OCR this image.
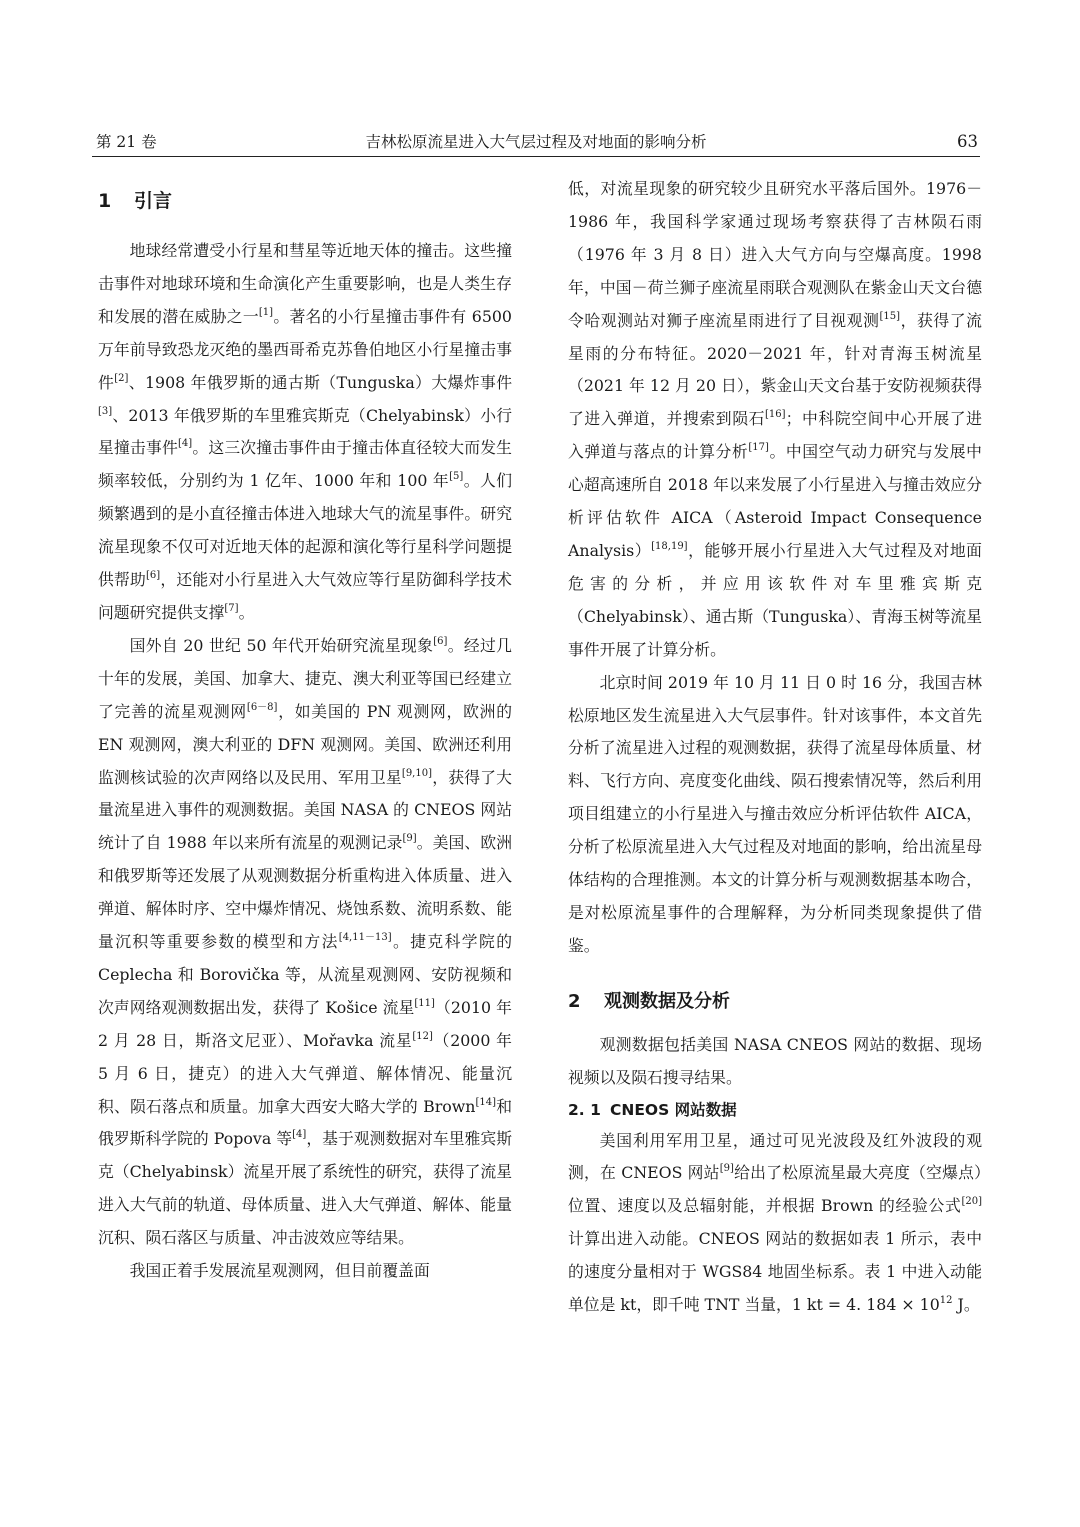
第 21 卷	吉林松原流星进入大气层过程及对地面的影响分析	63
1 引言

地球经常遭受小行星和彗星等近地天体的撞击。这些撞击事件对地球环境和生命演化产生重要影响，也是人类生存和发展的潜在威胁之一[1]。著名的小行星撞击事件有 6500 万年前导致恐龙灭绝的墨西哥希克苏鲁伯地区小行星撞击事件[2]、1908 年俄罗斯的通古斯（Tunguska）大爆炸事件[3]、2013 年俄罗斯的车里雅宾斯克（Chelyabinsk）小行星撞击事件[4]。这三次撞击事件由于撞击体直径较大而发生频率较低，分别约为 1 亿年、1000 年和 100 年[5]。人们频繁遇到的是小直径撞击体进入地球大气的流星事件。研究流星现象不仅可对近地天体的起源和演化等行星科学问题提供帮助[6]，还能对小行星进入大气效应等行星防御科学技术问题研究提供支撑[7]。

国外自 20 世纪 50 年代开始研究流星现象[6]。经过几十年的发展，美国、加拿大、捷克、澳大利亚等国已经建立了完善的流星观测网[6－8]，如美国的 PN 观测网，欧洲的 EN 观测网，澳大利亚的 DFN 观测网。美国、欧洲还利用监测核试验的次声网络以及民用、军用卫星[9,10]，获得了大量流星进入事件的观测数据。美国 NASA 的 CNEOS 网站统计了自 1988 年以来所有流星的观测记录[9]。美国、欧洲和俄罗斯等还发展了从观测数据分析重构进入体质量、进入弹道、解体时序、空中爆炸情况、烧蚀系数、流明系数、能量沉积等重要参数的模型和方法[4,11－13]。捷克科学院的 Ceplecha 和 Borovička 等，从流星观测网、安防视频和次声网络观测数据出发，获得了 Košice 流星[11]（2010 年 2 月 28 日，斯洛文尼亚）、Mořavka 流星[12]（2000 年 5 月 6 日，捷克）的进入大气弹道、解体情况、能量沉积、陨石落点和质量。加拿大西安大略大学的 Brown[14]和俄罗斯科学院的 Popova 等[4]，基于观测数据对车里雅宾斯克（Chelyabinsk）流星开展了系统性的研究，获得了流星进入大气前的轨道、母体质量、进入大气弹道、解体、能量沉积、陨石落区与质量、冲击波效应等结果。

我国正着手发展流星观测网，但目前覆盖面

低，对流星现象的研究较少且研究水平落后国外。1976－1986 年，我国科学家通过现场考察获得了吉林陨石雨（1976 年 3 月 8 日）进入大气方向与空爆高度。1998 年，中国－荷兰狮子座流星雨联合观测队在紫金山天文台德令哈观测站对狮子座流星雨进行了目视观测[15]，获得了流星雨的分布特征。2020－2021 年，针对青海玉树流星（2021 年 12 月 20 日），紫金山天文台基于安防视频获得了进入弹道，并搜索到陨石[16]；中科院空间中心开展了进入弹道与落点的计算分析[17]。中国空气动力研究与发展中心超高速所自 2018 年以来发展了小行星进入与撞击效应分析评估软件 AICA（Asteroid Impact Consequence Analysis）[18,19]，能够开展小行星进入大气过程及对地面危害的分析，并应用该软件对车里雅宾斯克（Chelyabinsk）、通古斯（Tunguska）、青海玉树等流星事件开展了计算分析。

北京时间 2019 年 10 月 11 日 0 时 16 分，我国吉林松原地区发生流星进入大气层事件。针对该事件，本文首先分析了流星进入过程的观测数据，获得了流星母体质量、材料、飞行方向、亮度变化曲线、陨石搜索情况等，然后利用项目组建立的小行星进入与撞击效应分析评估软件 AICA，分析了松原流星进入大气过程及对地面的影响，给出流星母体结构的合理推测。本文的计算分析与观测数据基本吻合，是对松原流星事件的合理解释，为分析同类现象提供了借鉴。

2 观测数据及分析

观测数据包括美国 NASA CNEOS 网站的数据、现场视频以及陨石搜寻结果。

2. 1 CNEOS 网站数据

美国利用军用卫星，通过可见光波段及红外波段的观测，在 CNEOS 网站[9]给出了松原流星最大亮度（空爆点）位置、速度以及总辐射能，并根据 Brown 的经验公式[20]计算出进入动能。CNEOS 网站的数据如表 1 所示，表中的速度分量相对于 WGS84 地固坐标系。表 1 中进入动能单位是 kt，即千吨 TNT 当量，1 kt = 4. $184 \times 10^{12}$ J。
